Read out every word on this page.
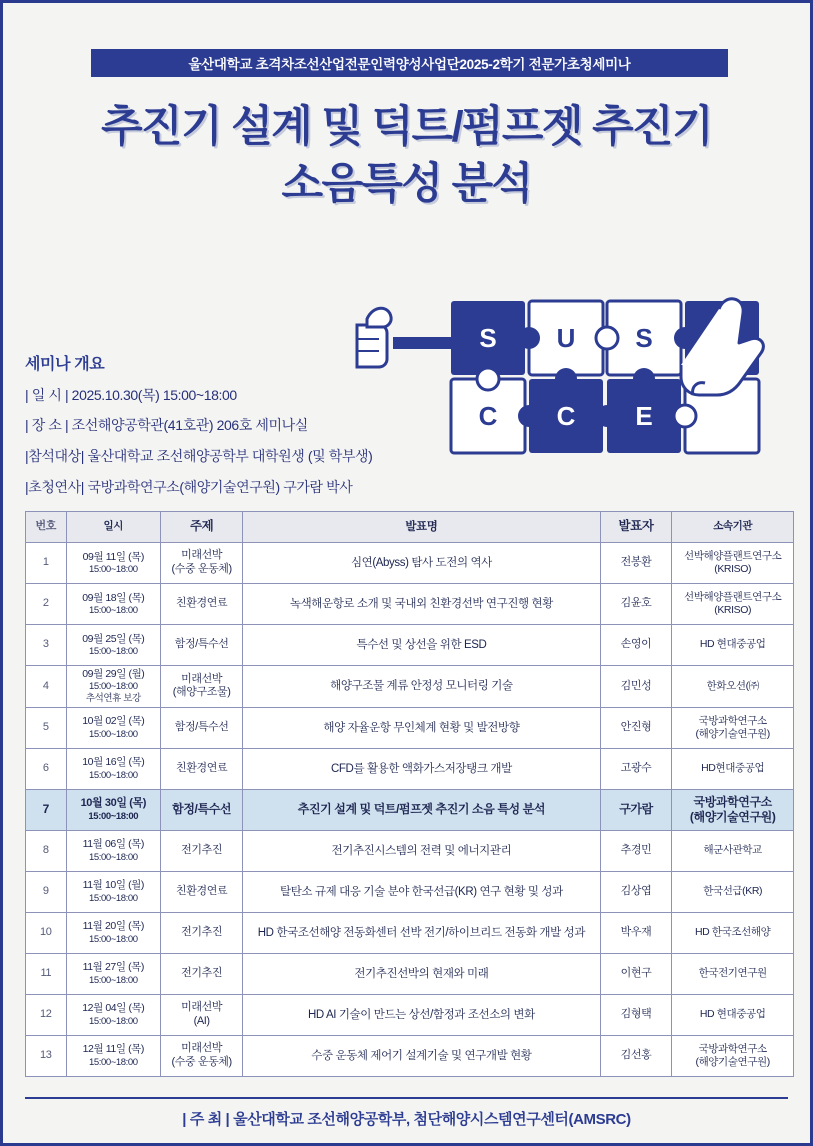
울산대학교 초격차조선산업전문인력양성사업단2025-2학기 전문가초청세미나
추진기 설계 및 덕트/펌프젯 추진기
소음특성 분석
S U S
C C E
세미나 개요
| 일 시 | 2025.10.30(목) 15:00~18:00
| 장 소 | 조선해양공학관(41호관) 206호 세미나실
|참석대상| 울산대학교 조선해양공학부 대학원생 (및 학부생)
|초청연사| 국방과학연구소(해양기술연구원) 구가람 박사
번호	일시	주제	발표명	발표자	소속기관
1	09월 11일 (목)
15:00~18:00	미래선박
(수중 운동체)	심연(Abyss) 탐사 도전의 역사	전봉환	선박해양플랜트연구소
(KRISO)
2	09월 18일 (목)
15:00~18:00	친환경연료	녹색해운항로 소개 및 국내외 친환경선박 연구진행 현황	김윤호	선박해양플랜트연구소
(KRISO)
3	09월 25일 (목)
15:00~18:00	함정/특수선	특수선 및 상선을 위한 ESD	손영이	HD 현대중공업
4	09월 29일 (월)
15:00~18:00
추석연휴 보강	미래선박
(해양구조물)	해양구조물 계류 안정성 모니터링 기술	김민성	한화오션(㈜
5	10월 02일 (목)
15:00~18:00	함정/특수선	해양 자율운항 무인체계 현황 및 발전방향	안진형	국방과학연구소
(해양기술연구원)
6	10월 16일 (목)
15:00~18:00	친환경연료	CFD를 활용한 액화가스저장탱크 개발	고광수	HD현대중공업
7	10월 30일 (목)
15:00~18:00	함정/특수선	추진기 설계 및 덕트/펌프젯 추진기 소음 특성 분석	구가람	국방과학연구소
(해양기술연구원)
8	11월 06일 (목)
15:00~18:00	전기추진	전기추진시스템의 전력 및 에너지관리	추경민	해군사관학교
9	11월 10일 (월)
15:00~18:00	친환경연료	탈탄소 규제 대응 기술 분야 한국선급(KR) 연구 현황 및 성과	김상엽	한국선급(KR)
10	11월 20일 (목)
15:00~18:00	전기추진	HD 한국조선해양 전동화센터 선박 전기/하이브리드 전동화 개발 성과	박우재	HD 한국조선해양
11	11월 27일 (목)
15:00~18:00	전기추진	전기추진선박의 현재와 미래	이현구	한국전기연구원
12	12월 04일 (목)
15:00~18:00	미래선박
(AI)	HD AI 기술이 만드는 상선/함정과 조선소의 변화	김형택	HD 현대중공업
13	12월 11일 (목)
15:00~18:00	미래선박
(수중 운동체)	수중 운동체 제어기 설계기술 및 연구개발 현황	김선홍	국방과학연구소
(해양기술연구원)
| 주 최 | 울산대학교 조선해양공학부, 첨단해양시스템연구센터(AMSRC)
